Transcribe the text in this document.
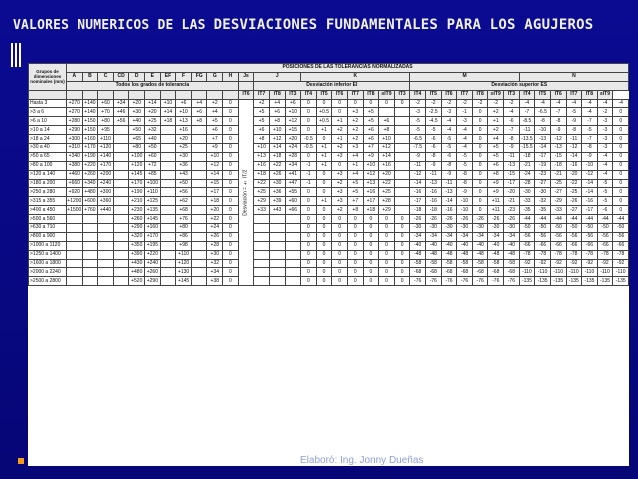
VALORES NUMERICOS DE LAS DESVIACIONES FUNDAMENTALES PARA LOS AGUJEROS
Grupos de dimensiones nominales (mm)	POSICIONES DE LAS TOLERANCIAS NORMALIZADAS																																			
	A	B	C	CD	D	E	EF	F	FG	G	H	Js	J			K							M							N						
	Todos los grados de tolerancia												Desviación inferior EI										Desviación superior ES													
												IT6	IT7	IT8	IT3	IT4	IT5	IT6	IT7	IT8	≥IT9	IT3	IT4	IT5	IT6	IT7	IT8	≥IT9	IT3	IT4	IT5	IT6	IT7	IT8	≥IT9	
Hasta 3	+270	+140	+60	+34	+20	+14	+10	+6	+4	+2	0	Desviación = ± IT/2	+2	+4	+6	0	0	0	0	0	0	0	-2	-2	-2	-2	-2	-2	-2	-4	-4	-4	-4	-4	-4	-4
>3 a 6	+270	+140	+70	+46	+30	+20	+14	+10	+6	+4	0		+5	+6	+10	0	+0.5	0	+3	+5			-3	-2.5	-3	-1	0	+2	-4	-7	-6.5	-7	-5	-4	-2	0
>6 a 10	+280	+150	+80	+56	+40	+25	+18	+13	+8	+5	0		+5	+8	+12	0	+0.5	+1	+2	+5	+6		-5	-4.5	-4	-3	0	+1	-6	-8.5	-8	-8	-9	-7	-3	0
>10 a 14	+290	+150	+95		+50	+32		+16		+6	0		+6	+10	+15	0	+1	+2	+2	+6	+8		-5	-5	-4	-4	0	+2	-7	-11	-10	-9	-8	-5	-3	0
>18 a 24	+300	+160	+110		+65	+40		+20		+7	0		+8	+12	+20	-0.5	0	+1	+2	+6	+10		-6.5	-6	-5	-4	0	+4	-8	-13.5	-13	-12	-11	-7	-3	0
>30 a 40	+310	+170	+120		+80	+50		+25		+9	0		+10	+14	+24	-0.5	+1	+2	+3	+7	+12		-7.5	-6	-5	-4	0	+5	-9	-15.5	-14	-13	-12	-8	-3	0
>50 a 65	+340	+190	+140		+100	+60		+30		+10	0		+13	+18	+28	0	+1	+3	+4	+9	+14		-9	-8	-6	-5	0	+5	-11	-18	-17	-15	-14	-9	-4	0
>80 a 100	+380	+220	+170		+120	+72		+36		+12	0		+16	+22	+34	-1	+1	0	+1	+10	+16		-11	-9	-8	-5	0	+6	-13	-21	-19	-18	-16	-10	-4	0
>120 a 140	+460	+260	+200		+145	+85		+43		+14	0		+18	+26	+41	-1	0	+3	+4	+12	+20		-12	-11	-9	-8	0	+8	-15	-24	-23	-21	-20	-12	-4	0
>180 a 200	+660	+340	+240		+170	+100		+50		+15	0		+22	+30	+47	-1	0	+2	+5	+13	+22		-14	-13	-11	-8	0	+9	-17	-28	-27	-25	-22	-14	-5	0
>250 a 280	+920	+480	+300		+190	+110		+56		+17	0		+25	+36	+55	0	0	+3	+5	+16	+25		-16	-16	-13	-9	0	+9	-20	-30	-30	-27	-25	-14	-5	0
>315 a 355	+1200	+600	+360		+210	+125		+62		+18	0		+29	+39	+60	0	+1	+3	+7	+17	+28		-17	-16	-14	-10	0	+11	-21	-33	-32	-29	-26	-16	-5	0
>400 a 450	+1500	+760	+440		+230	+135		+68		+20	0		+33	+43	+66	0	0	+2	+8	+18	+29		-18	-18	-16	-10	0	+11	-23	-35	-35	-33	-27	-17	-6	0
>500 a 560					+260	+145		+76		+22	0					0	0	0	0	0	0	0	-26	-26	-26	-26	-26	-26	-26	-44	-44	-44	-44	-44	-44	-44
>630 a 710					+290	+160		+80		+24	0					0	0	0	0	0	0	0	-30	-30	-30	-30	-30	-30	-30	-50	-50	-50	-50	-50	-50	-50
>800 a 900					+320	+170		+86		+26	0					0	0	0	0	0	0	0	-34	-34	-34	-34	-34	-34	-34	-56	-56	-56	-56	-56	-56	-56
>1000 a 1120					+350	+195		+98		+28	0					0	0	0	0	0	0	0	-40	-40	-40	-40	-40	-40	-40	-66	-66	-66	-66	-66	-66	-66
>1250 a 1400					+390	+220		+110		+30	0					0	0	0	0	0	0	0	-48	-48	-48	-48	-48	-48	-48	-78	-78	-78	-78	-78	-78	-78
>1600 a 1800					+430	+240		+120		+32	0					0	0	0	0	0	0	0	-58	-58	-58	-58	-58	-58	-58	-92	-92	-92	-92	-92	-92	-92
>2000 a 2240					+480	+260		+130		+34	0					0	0	0	0	0	0	0	-68	-68	-68	-68	-68	-68	-68	-110	-110	-110	-110	-110	-110	-110
>2500 a 2800					+520	+290		+145		+38	0					0	0	0	0	0	0	0	-76	-76	-76	-76	-76	-76	-76	-135	-135	-135	-135	-135	-135	-135
Elaboró: Ing. Jonny Dueñas
